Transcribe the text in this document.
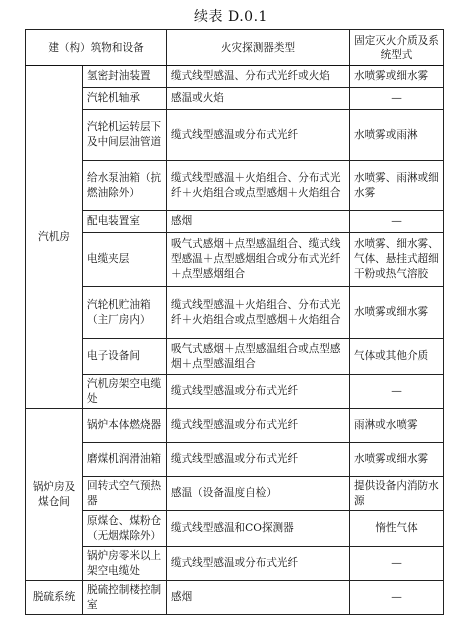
续表 D.0.1
建（构）筑物和设备		火灾探测器类型	固定灭火介质及系统型式
汽机房	氢密封油装置	缆式线型感温、分布式光纤或火焰	水喷雾或细水雾
	汽轮机轴承	感温或火焰	—
	汽轮机运转层下及中间层油管道	缆式线型感温或分布式光纤	水喷雾或雨淋
	给水泵油箱（抗燃油除外）	缆式线型感温＋火焰组合、分布式光纤＋火焰组合或点型感烟＋火焰组合	水喷雾、雨淋或细水雾
	配电装置室	感烟	—
	电缆夹层	吸气式感烟＋点型感温组合、缆式线型感温＋点型感烟组合或分布式光纤＋点型感烟组合	水喷雾、细水雾、气体、悬挂式超细干粉或热气溶胶
	汽轮机贮油箱（主厂房内）	缆式线型感温＋火焰组合、分布式光纤＋火焰组合或点型感烟＋火焰组合	水喷雾或细水雾
	电子设备间	吸气式感烟＋点型感温组合或点型感烟＋点型感温组合	气体或其他介质
	汽机房架空电缆处	缆式线型感温或分布式光纤	—
锅炉房及煤仓间	锅炉本体燃烧器	缆式线型感温或分布式光纤	雨淋或水喷雾
	磨煤机润滑油箱	缆式线型感温或分布式光纤	水喷雾或细水雾
	回转式空气预热器	感温（设备温度自检）	提供设备内消防水源
	原煤仓、煤粉仓（无烟煤除外）	缆式线型感温和CO探测器	惰性气体
	锅炉房零米以上架空电缆处	缆式线型感温或分布式光纤	—
脱硫系统	脱硫控制楼控制室	感烟	—
